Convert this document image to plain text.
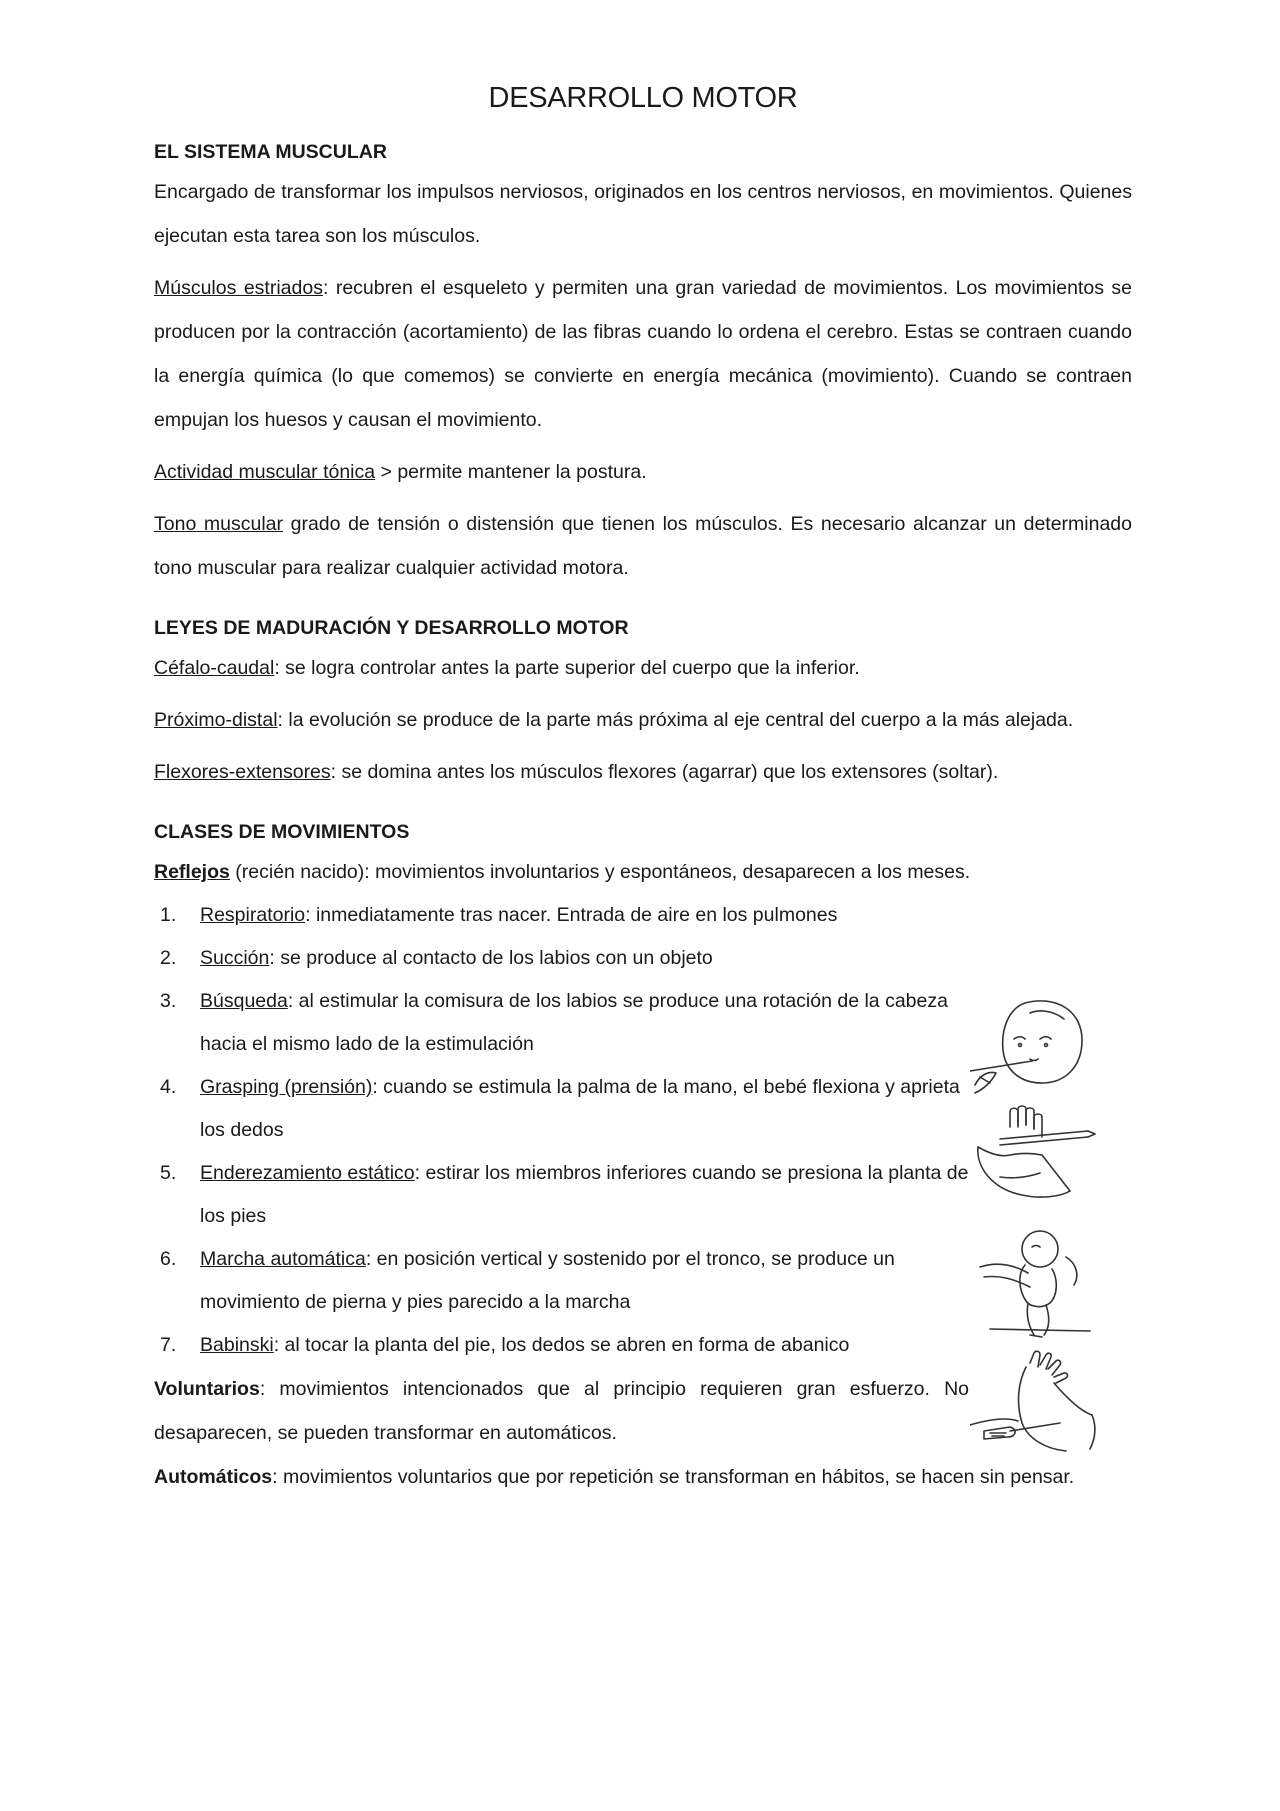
DESARROLLO MOTOR
EL SISTEMA MUSCULAR

Encargado de transformar los impulsos nerviosos, originados en los centros nerviosos, en movimientos. Quienes ejecutan esta tarea son los músculos.

Músculos estriados: recubren el esqueleto y permiten una gran variedad de movimientos. Los movimientos se producen por la contracción (acortamiento) de las fibras cuando lo ordena el cerebro. Estas se contraen cuando la energía química (lo que comemos) se convierte en energía mecánica (movimiento). Cuando se contraen empujan los huesos y causan el movimiento.

Actividad muscular tónica > permite mantener la postura.

Tono muscular grado de tensión o distensión que tienen los músculos. Es necesario alcanzar un determinado tono muscular para realizar cualquier actividad motora.

LEYES DE MADURACIÓN Y DESARROLLO MOTOR

Céfalo-caudal: se logra controlar antes la parte superior del cuerpo que la inferior.

Próximo-distal: la evolución se produce de la parte más próxima al eje central del cuerpo a la más alejada.

Flexores-extensores: se domina antes los músculos flexores (agarrar) que los extensores (soltar).

CLASES DE MOVIMIENTOS

Reflejos (recién nacido): movimientos involuntarios y espontáneos, desaparecen a los meses.

1.	Respiratorio: inmediatamente tras nacer. Entrada de aire en los pulmones
2.	Succión: se produce al contacto de los labios con un objeto
3.	Búsqueda: al estimular la comisura de los labios se produce una rotación de la cabeza hacia el mismo lado de la estimulación
4.	Grasping (prensión): cuando se estimula la palma de la mano, el bebé flexiona y aprieta los dedos
5.	Enderezamiento estático: estirar los miembros inferiores cuando se presiona la planta de los pies
6.	Marcha automática: en posición vertical y sostenido por el tronco, se produce un movimiento de pierna y pies parecido a la marcha
7.	Babinski: al tocar la planta del pie, los dedos se abren en forma de abanico

Voluntarios: movimientos intencionados que al principio requieren gran esfuerzo. No desaparecen, se pueden transformar en automáticos.

Automáticos: movimientos voluntarios que por repetición se transforman en hábitos, se hacen sin pensar.
